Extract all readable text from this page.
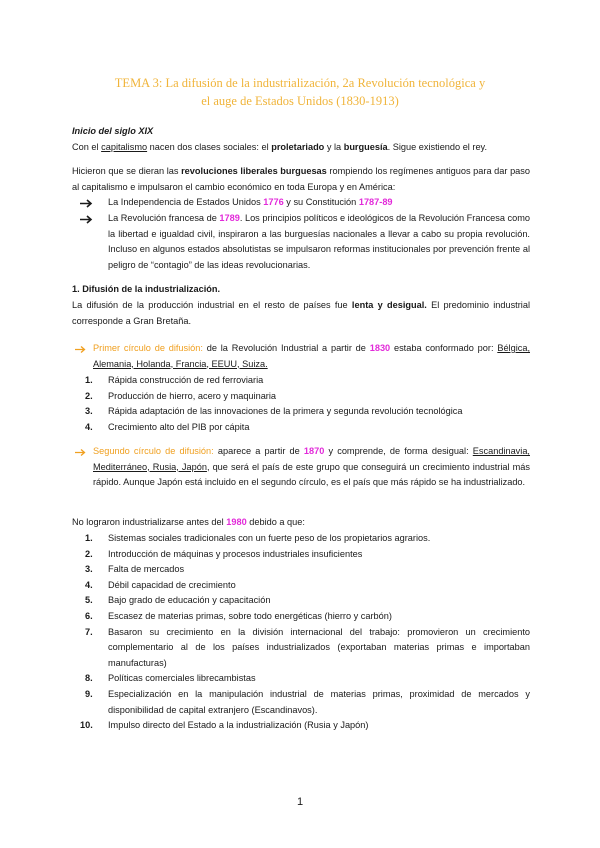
TEMA 3: La difusión de la industrialización, 2a Revolución tecnológica y
el auge de Estados Unidos (1830-1913)
Inicio del siglo XIX
Con el capitalismo nacen dos clases sociales: el proletariado y la burguesía. Sigue existiendo el rey.
Hicieron que se dieran las revoluciones liberales burguesas rompiendo los regímenes antiguos para dar paso al capitalismo e impulsaron el cambio económico en toda Europa y en América:
La Independencia de Estados Unidos 1776 y su Constitución 1787-89
La Revolución francesa de 1789. Los principios políticos e ideológicos de la Revolución Francesa como la libertad e igualdad civil, inspiraron a las burguesías nacionales a llevar a cabo su propia revolución. Incluso en algunos estados absolutistas se impulsaron reformas institucionales por prevención frente al peligro de “contagio” de las ideas revolucionarias.
1. Difusión de la industrialización.
La difusión de la producción industrial en el resto de países fue lenta y desigual. El predominio industrial corresponde a Gran Bretaña.
Primer círculo de difusión: de la Revolución Industrial a partir de 1830 estaba conformado por: Bélgica, Alemania, Holanda, Francia, EEUU, Suiza.
1. Rápida construcción de red ferroviaria
2. Producción de hierro, acero y maquinaria
3. Rápida adaptación de las innovaciones de la primera y segunda revolución tecnológica
4. Crecimiento alto del PIB por cápita
Segundo círculo de difusión: aparece a partir de 1870 y comprende, de forma desigual: Escandinavia, Mediterráneo, Rusia, Japón, que será el país de este grupo que conseguirá un crecimiento industrial más rápido. Aunque Japón está incluido en el segundo círculo, es el país que más rápido se ha industrializado.
No lograron industrializarse antes del 1980 debido a que:
1. Sistemas sociales tradicionales con un fuerte peso de los propietarios agrarios.
2. Introducción de máquinas y procesos industriales insuficientes
3. Falta de mercados
4. Débil capacidad de crecimiento
5. Bajo grado de educación y capacitación
6. Escasez de materias primas, sobre todo energéticas (hierro y carbón)
7. Basaron su crecimiento en la división internacional del trabajo: promovieron un crecimiento complementario al de los países industrializados (exportaban materias primas e importaban manufacturas)
8. Políticas comerciales librecambistas
9. Especialización en la manipulación industrial de materias primas, proximidad de mercados y disponibilidad de capital extranjero (Escandinavos).
10. Impulso directo del Estado a la industrialización (Rusia y Japón)
1
